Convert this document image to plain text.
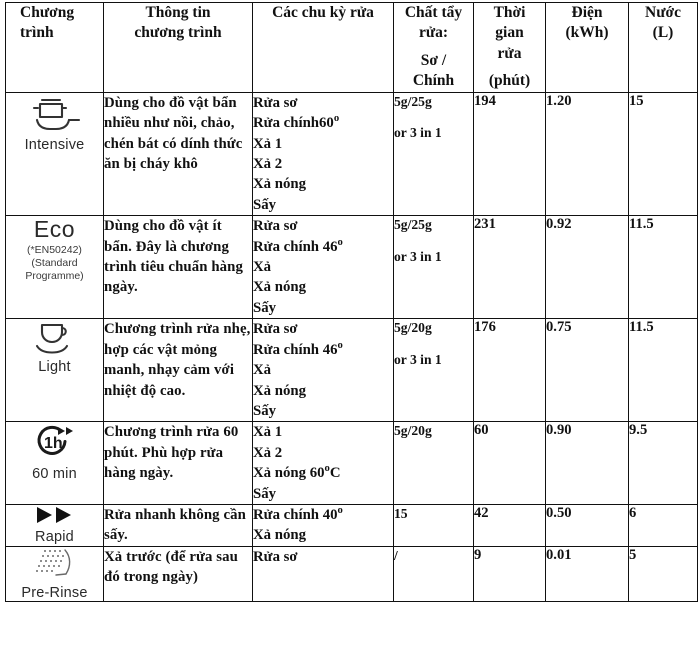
Chương
trình	Thông tin
chương trình	Các chu kỳ rửa	Chất tẩy
rửa:
Sơ /
Chính	Thời
gian
rửa
(phút)	Điện
(kWh)	Nước
(L)

Intensive
	Dùng cho đồ vật bẩn nhiều như nồi, chảo, chén bát có dính thức ăn bị cháy khô	
Rửa sơ
Rửa chính60$^o$
Xả 1
Xả 2
Xả nóng
Sấy

5g/25g
or 3 in 1
	194	1.20	15

Eco
(*EN50242)
(Standard
Programme)	Dùng cho đồ vật ít bẩn. Đây là chương trình tiêu chuẩn hàng ngày.	Rửa sơ
Rửa chính 46$^o$
Xả
Xả nóng
Sấy	5g/25g
or 3 in 1	231	0.92	11.5

Light	Chương trình rửa nhẹ, hợp các vật mỏng manh, nhạy cảm với nhiệt độ cao.	Rửa sơ
Rửa chính 46$^o$
Xả
Xả nóng
Sấy	5g/20g
or 3 in 1	176	0.75	11.5

1h
60 min	Chương trình rửa 60 phút. Phù hợp rửa hàng ngày.	Xả 1
Xả 2
Xả nóng 60$^o$C
Sấy	5g/20g	60	0.90	9.5

Rapid	Rửa nhanh không cần sấy.	Rửa chính 40$^o$
Xả nóng	15	42	0.50	6

Pre-Rinse	Xả trước (để rửa sau đó trong ngày)	Rửa sơ	/	9	0.01	5
